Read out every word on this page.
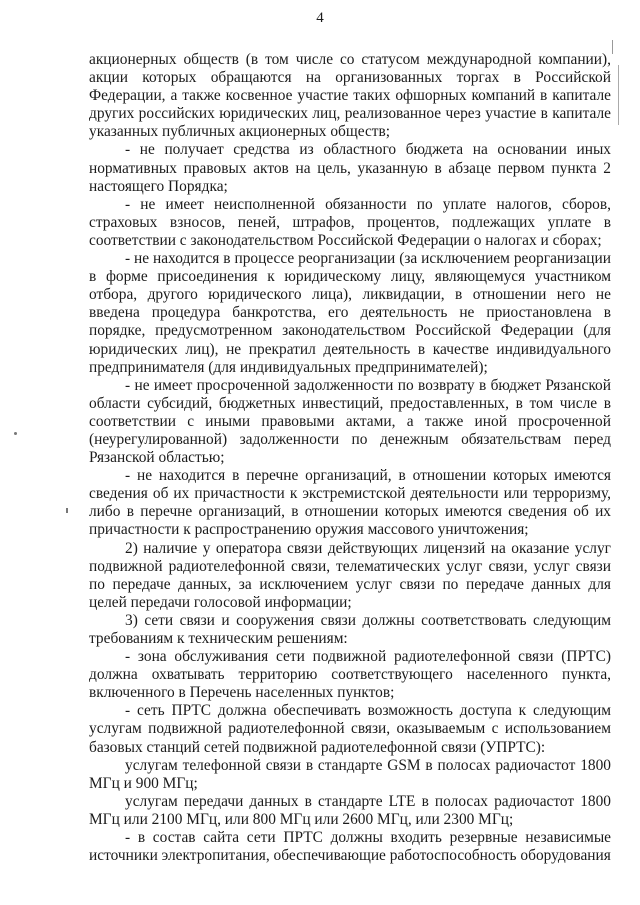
4

акционерных обществ (в том числе со статусом международной компании), акции которых обращаются на организованных торгах в Российской Федерации, а также косвенное участие таких офшорных компаний в капитале других российских юридических лиц, реализованное через участие в капитале указанных публичных акционерных обществ;

- не получает средства из областного бюджета на основании иных нормативных правовых актов на цель, указанную в абзаце первом пункта 2 настоящего Порядка;

- не имеет неисполненной обязанности по уплате налогов, сборов, страховых взносов, пеней, штрафов, процентов, подлежащих уплате в соответствии с законодательством Российской Федерации о налогах и сборах;

- не находится в процессе реорганизации (за исключением реорганизации в форме присоединения к юридическому лицу, являющемуся участником отбора, другого юридического лица), ликвидации, в отношении него не введена процедура банкротства, его деятельность не приостановлена в порядке, предусмотренном законодательством Российской Федерации (для юридических лиц), не прекратил деятельность в качестве индивидуального предпринимателя (для индивидуальных предпринимателей);

- не имеет просроченной задолженности по возврату в бюджет Рязанской области субсидий, бюджетных инвестиций, предоставленных, в том числе в соответствии с иными правовыми актами, а также иной просроченной (неурегулированной) задолженности по денежным обязательствам перед Рязанской областью;

- не находится в перечне организаций, в отношении которых имеются сведения об их причастности к экстремистской деятельности или терроризму, либо в перечне организаций, в отношении которых имеются сведения об их причастности к распространению оружия массового уничтожения;

2) наличие у оператора связи действующих лицензий на оказание услуг подвижной радиотелефонной связи, телематических услуг связи, услуг связи по передаче данных, за исключением услуг связи по передаче данных для целей передачи голосовой информации;

3) сети связи и сооружения связи должны соответствовать следующим требованиям к техническим решениям:

- зона обслуживания сети подвижной радиотелефонной связи (ПРТС) должна охватывать территорию соответствующего населенного пункта, включенного в Перечень населенных пунктов;

- сеть ПРТС должна обеспечивать возможность доступа к следующим услугам подвижной радиотелефонной связи, оказываемым с использованием базовых станций сетей подвижной радиотелефонной связи (УПРТС):

услугам телефонной связи в стандарте GSM в полосах радиочастот 1800 МГц и 900 МГц;

услугам передачи данных в стандарте LTE в полосах радиочастот 1800 МГц или 2100 МГц, или 800 МГц или 2600 МГц, или 2300 МГц;

- в состав сайта сети ПРТС должны входить резервные независимые источники электропитания, обеспечивающие работоспособность оборудования
